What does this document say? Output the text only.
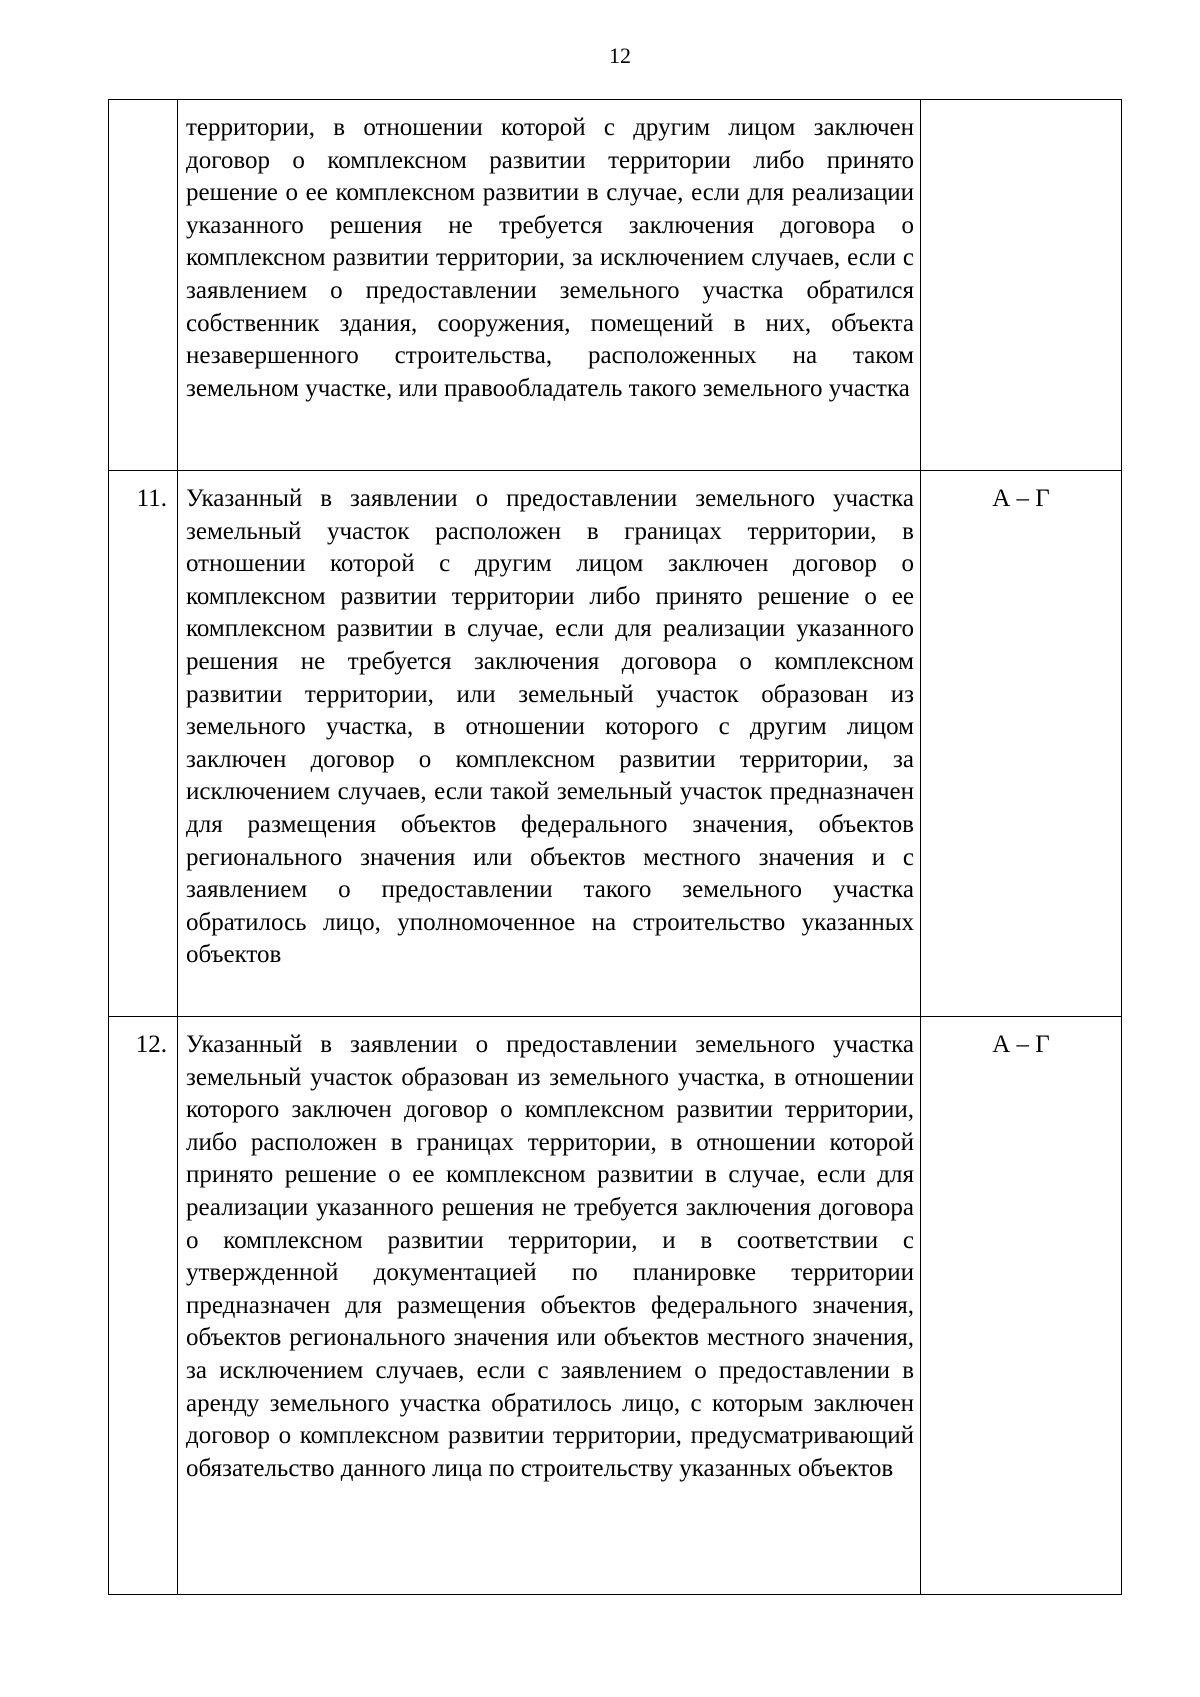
12
	территории, в отношении которой с другим лицом заключен договор о комплексном развитии территории либо принято решение о ее комплексном развитии в случае, если для реализации указанного решения не требуется заключения договора о комплексном развитии территории, за исключением случаев, если с заявлением о предоставлении земельного участка обратился собственник здания, сооружения, помещений в них, объекта незавершенного строительства, расположенных на таком земельном участке, или правообладатель такого земельного участка	
11.	Указанный в заявлении о предоставлении земельного участка земельный участок расположен в границах территории, в отношении которой с другим лицом заключен договор о комплексном развитии территории либо принято решение о ее комплексном развитии в случае, если для реализации указанного решения не требуется заключения договора о комплексном развитии территории, или земельный участок образован из земельного участка, в отношении которого с другим лицом заключен договор о комплексном развитии территории, за исключением случаев, если такой земельный участок предназначен для размещения объектов федерального значения, объектов регионального значения или объектов местного значения и с заявлением о предоставлении такого земельного участка обратилось лицо, уполномоченное на строительство указанных объектов	А – Г
12.	Указанный в заявлении о предоставлении земельного участка земельный участок образован из земельного участка, в отношении которого заключен договор о комплексном развитии территории, либо расположен в границах территории, в отношении которой принято решение о ее комплексном развитии в случае, если для реализации указанного решения не требуется заключения договора о комплексном развитии территории, и в соответствии с утвержденной документацией по планировке территории предназначен для размещения объектов федерального значения, объектов регионального значения или объектов местного значения, за исключением случаев, если с заявлением о предоставлении в аренду земельного участка обратилось лицо, с которым заключен договор о комплексном развитии территории, предусматривающий обязательство данного лица по строительству указанных объектов	А – Г
